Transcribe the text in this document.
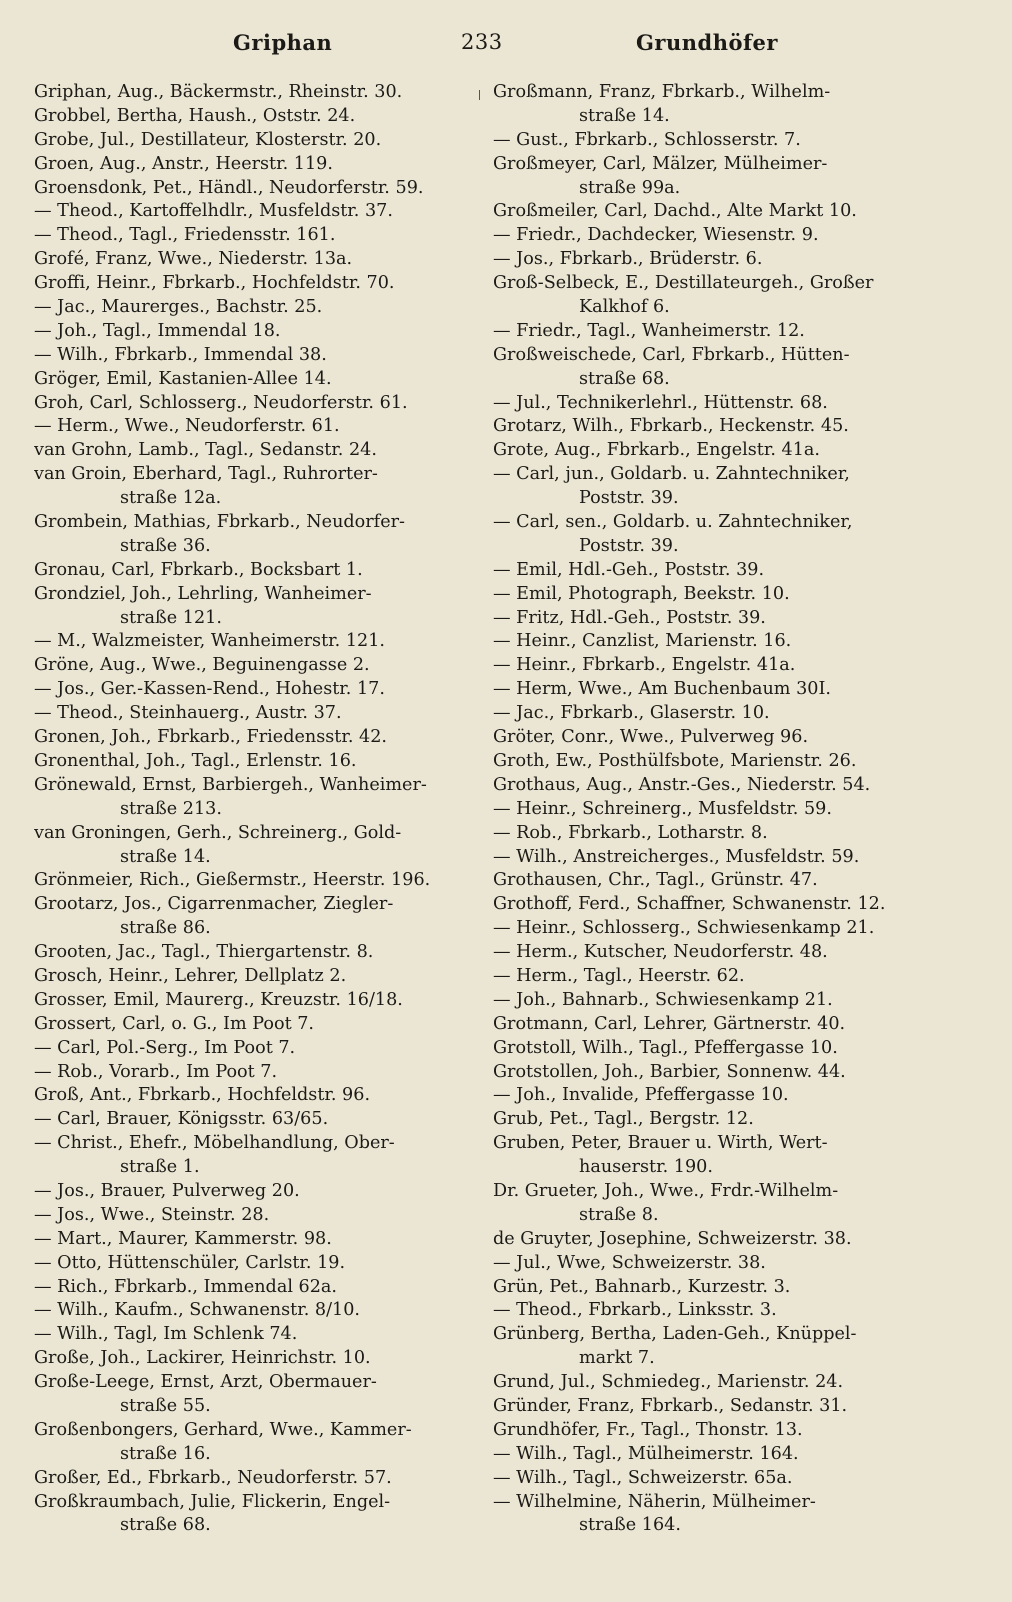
Griphan	233	Grundhöfer
Griphan, Aug., Bäckermstr., Rheinstr. 30.
Grobbel, Bertha, Haush., Oststr. 24.
Grobe, Jul., Destillateur, Klosterstr. 20.
Groen, Aug., Anstr., Heerstr. 119.
Groensdonk, Pet., Händl., Neudorferstr. 59.
— Theod., Kartoffelhdlr., Musfeldstr. 37.
— Theod., Tagl., Friedensstr. 161.
Grofé, Franz, Wwe., Niederstr. 13a.
Groffi, Heinr., Fbrkarb., Hochfeldstr. 70.
— Jac., Maurerges., Bachstr. 25.
— Joh., Tagl., Immendal 18.
— Wilh., Fbrkarb., Immendal 38.
Gröger, Emil, Kastanien-Allee 14.
Groh, Carl, Schlosserg., Neudorferstr. 61.
— Herm., Wwe., Neudorferstr. 61.
van Grohn, Lamb., Tagl., Sedanstr. 24.
van Groin, Eberhard, Tagl., Ruhrorter-
straße 12a.
Grombein, Mathias, Fbrkarb., Neudorfer-
straße 36.
Gronau, Carl, Fbrkarb., Bocksbart 1.
Grondziel, Joh., Lehrling, Wanheimer-
straße 121.
— M., Walzmeister, Wanheimerstr. 121.
Gröne, Aug., Wwe., Beguinengasse 2.
— Jos., Ger.-Kassen-Rend., Hohestr. 17.
— Theod., Steinhauerg., Austr. 37.
Gronen, Joh., Fbrkarb., Friedensstr. 42.
Gronenthal, Joh., Tagl., Erlenstr. 16.
Grönewald, Ernst, Barbiergeh., Wanheimer-
straße 213.
van Groningen, Gerh., Schreinerg., Gold-
straße 14.
Grönmeier, Rich., Gießermstr., Heerstr. 196.
Grootarz, Jos., Cigarrenmacher, Ziegler-
straße 86.
Grooten, Jac., Tagl., Thiergartenstr. 8.
Grosch, Heinr., Lehrer, Dellplatz 2.
Grosser, Emil, Maurerg., Kreuzstr. 16/18.
Grossert, Carl, o. G., Im Poot 7.
— Carl, Pol.-Serg., Im Poot 7.
— Rob., Vorarb., Im Poot 7.
Groß, Ant., Fbrkarb., Hochfeldstr. 96.
— Carl, Brauer, Königsstr. 63/65.
— Christ., Ehefr., Möbelhandlung, Ober-
straße 1.
— Jos., Brauer, Pulverweg 20.
— Jos., Wwe., Steinstr. 28.
— Mart., Maurer, Kammerstr. 98.
— Otto, Hüttenschüler, Carlstr. 19.
— Rich., Fbrkarb., Immendal 62a.
— Wilh., Kaufm., Schwanenstr. 8/10.
— Wilh., Tagl, Im Schlenk 74.
Große, Joh., Lackirer, Heinrichstr. 10.
Große-Leege, Ernst, Arzt, Obermauer-
straße 55.
Großenbongers, Gerhard, Wwe., Kammer-
straße 16.
Großer, Ed., Fbrkarb., Neudorferstr. 57.
Großkraumbach, Julie, Flickerin, Engel-
straße 68.
Großmann, Franz, Fbrkarb., Wilhelm-
straße 14.
— Gust., Fbrkarb., Schlosserstr. 7.
Großmeyer, Carl, Mälzer, Mülheimer-
straße 99a.
Großmeiler, Carl, Dachd., Alte Markt 10.
— Friedr., Dachdecker, Wiesenstr. 9.
— Jos., Fbrkarb., Brüderstr. 6.
Groß-Selbeck, E., Destillateurgeh., Großer
Kalkhof 6.
— Friedr., Tagl., Wanheimerstr. 12.
Großweischede, Carl, Fbrkarb., Hütten-
straße 68.
— Jul., Technikerlehrl., Hüttenstr. 68.
Grotarz, Wilh., Fbrkarb., Heckenstr. 45.
Grote, Aug., Fbrkarb., Engelstr. 41a.
— Carl, jun., Goldarb. u. Zahntechniker,
Poststr. 39.
— Carl, sen., Goldarb. u. Zahntechniker,
Poststr. 39.
— Emil, Hdl.-Geh., Poststr. 39.
— Emil, Photograph, Beekstr. 10.
— Fritz, Hdl.-Geh., Poststr. 39.
— Heinr., Canzlist, Marienstr. 16.
— Heinr., Fbrkarb., Engelstr. 41a.
— Herm, Wwe., Am Buchenbaum 30I.
— Jac., Fbrkarb., Glaserstr. 10.
Gröter, Conr., Wwe., Pulverweg 96.
Groth, Ew., Posthülfsbote, Marienstr. 26.
Grothaus, Aug., Anstr.-Ges., Niederstr. 54.
— Heinr., Schreinerg., Musfeldstr. 59.
— Rob., Fbrkarb., Lotharstr. 8.
— Wilh., Anstreicherges., Musfeldstr. 59.
Grothausen, Chr., Tagl., Grünstr. 47.
Grothoff, Ferd., Schaffner, Schwanenstr. 12.
— Heinr., Schlosserg., Schwiesenkamp 21.
— Herm., Kutscher, Neudorferstr. 48.
— Herm., Tagl., Heerstr. 62.
— Joh., Bahnarb., Schwiesenkamp 21.
Grotmann, Carl, Lehrer, Gärtnerstr. 40.
Grotstoll, Wilh., Tagl., Pfeffergasse 10.
Grotstollen, Joh., Barbier, Sonnenw. 44.
— Joh., Invalide, Pfeffergasse 10.
Grub, Pet., Tagl., Bergstr. 12.
Gruben, Peter, Brauer u. Wirth, Wert-
hauserstr. 190.
Dr. Grueter, Joh., Wwe., Frdr.-Wilhelm-
straße 8.
de Gruyter, Josephine, Schweizerstr. 38.
— Jul., Wwe, Schweizerstr. 38.
Grün, Pet., Bahnarb., Kurzestr. 3.
— Theod., Fbrkarb., Linksstr. 3.
Grünberg, Bertha, Laden-Geh., Knüppel-
markt 7.
Grund, Jul., Schmiedeg., Marienstr. 24.
Gründer, Franz, Fbrkarb., Sedanstr. 31.
Grundhöfer, Fr., Tagl., Thonstr. 13.
— Wilh., Tagl., Mülheimerstr. 164.
— Wilh., Tagl., Schweizerstr. 65a.
— Wilhelmine, Näherin, Mülheimer-
straße 164.
